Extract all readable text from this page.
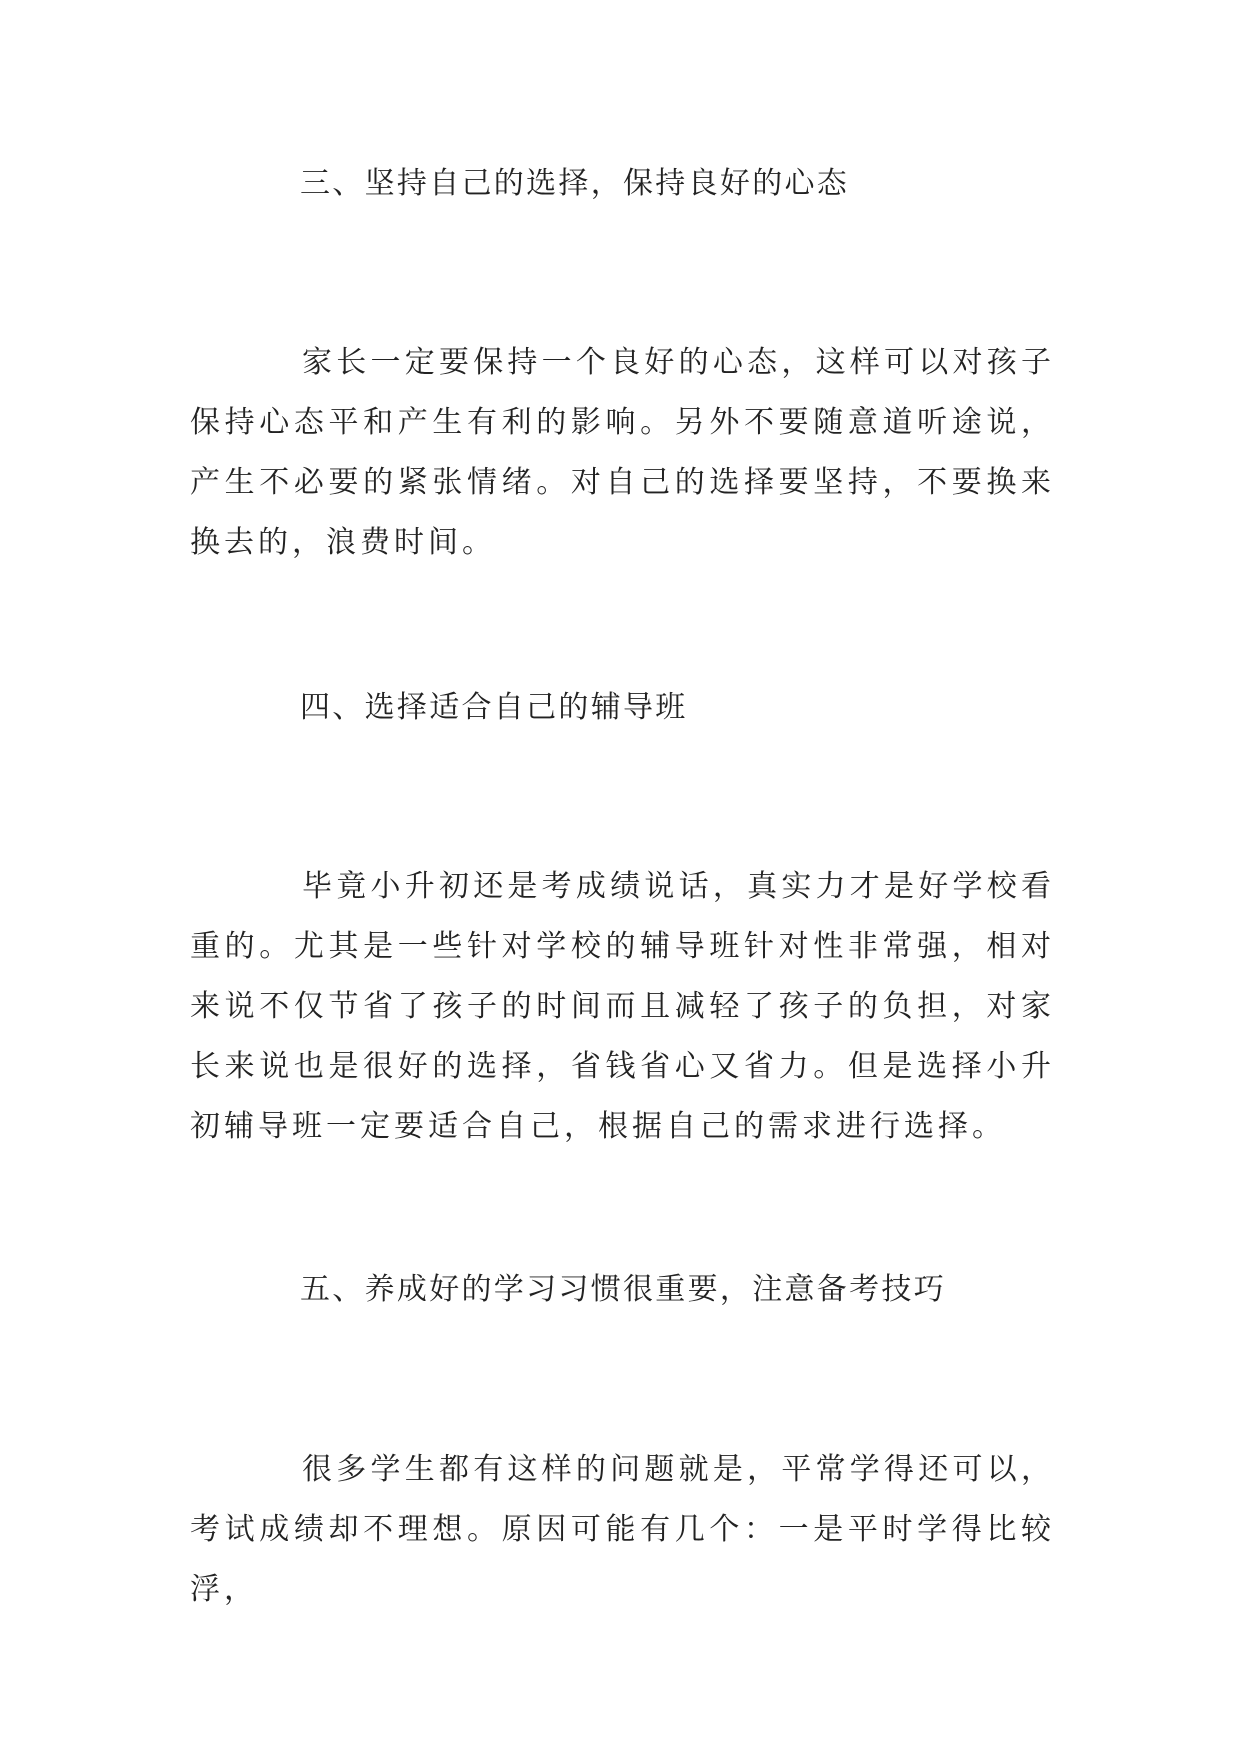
三、坚持自己的选择，保持良好的心态

家长一定要保持一个良好的心态，这样可以对孩子保持心态平和产生有利的影响。另外不要随意道听途说，产生不必要的紧张情绪。对自己的选择要坚持，不要换来换去的，浪费时间。

四、选择适合自己的辅导班

毕竟小升初还是考成绩说话，真实力才是好学校看重的。尤其是一些针对学校的辅导班针对性非常强，相对来说不仅节省了孩子的时间而且减轻了孩子的负担，对家长来说也是很好的选择，省钱省心又省力。但是选择小升初辅导班一定要适合自己，根据自己的需求进行选择。

五、养成好的学习习惯很重要，注意备考技巧

很多学生都有这样的问题就是，平常学得还可以，考试成绩却不理想。原因可能有几个：一是平时学得比较浮，
